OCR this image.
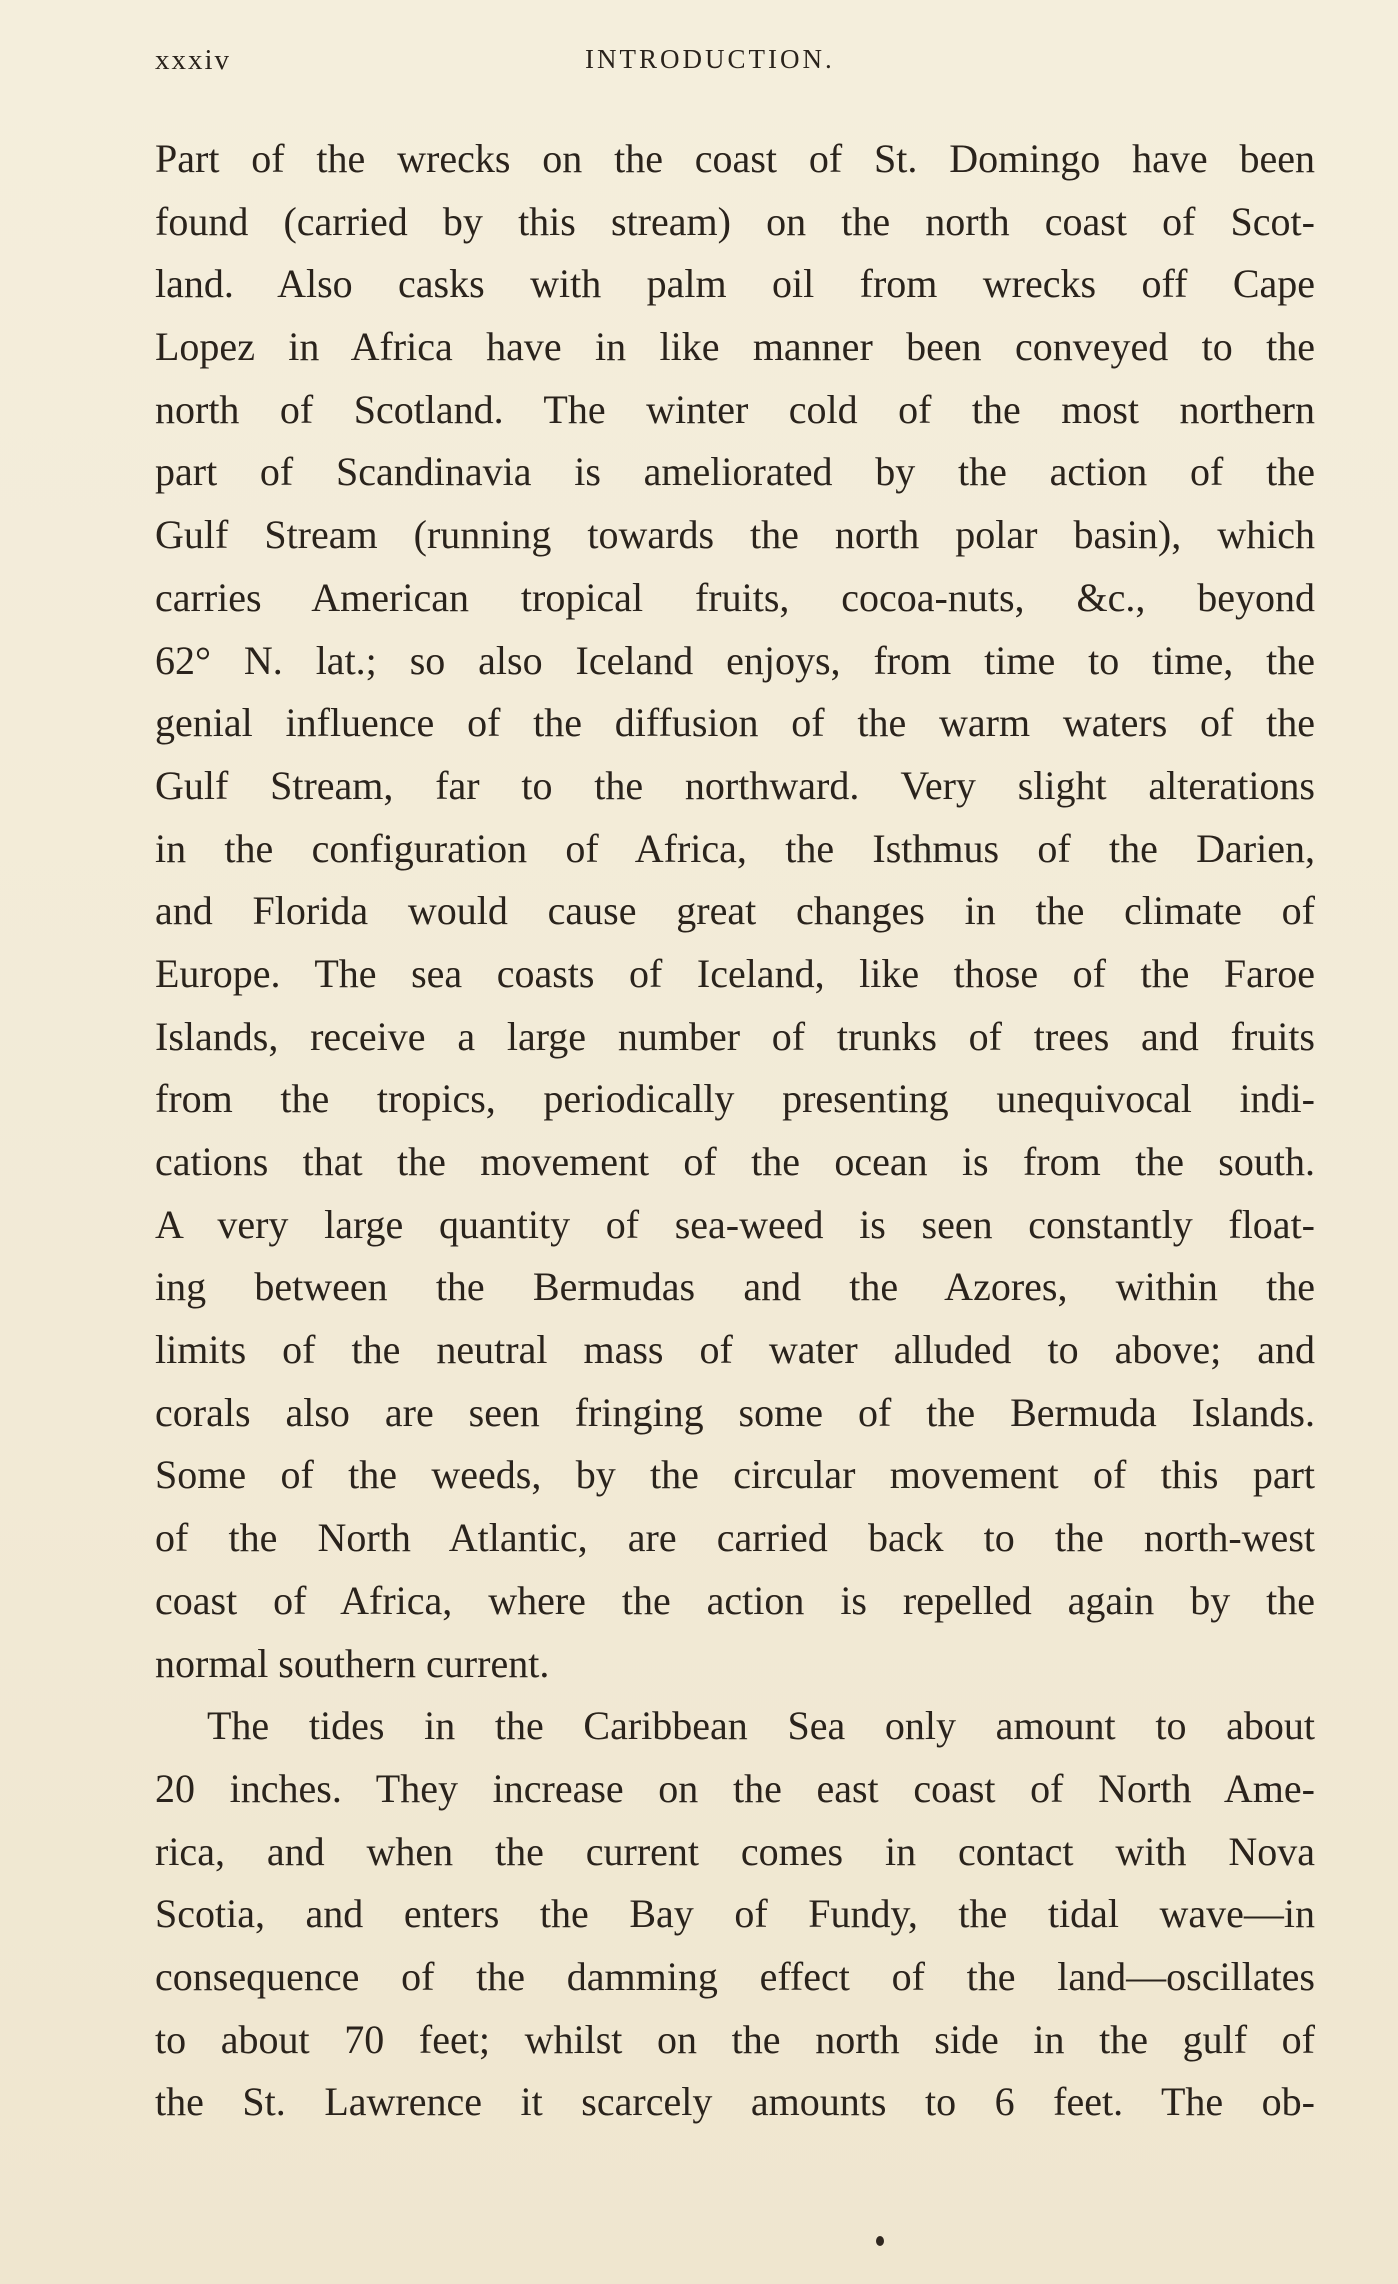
xxxiv	INTRODUCTION.
Part of the wrecks on the coast of St. Domingo have been
found (carried by this stream) on the north coast of Scot-
land. Also casks with palm oil from wrecks off Cape
Lopez in Africa have in like manner been conveyed to the
north of Scotland. The winter cold of the most northern
part of Scandinavia is ameliorated by the action of the
Gulf Stream (running towards the north polar basin), which
carries American tropical fruits, cocoa-nuts, &c., beyond
62° N. lat.; so also Iceland enjoys, from time to time, the
genial influence of the diffusion of the warm waters of the
Gulf Stream, far to the northward. Very slight alterations
in the configuration of Africa, the Isthmus of the Darien,
and Florida would cause great changes in the climate of
Europe. The sea coasts of Iceland, like those of the Faroe
Islands, receive a large number of trunks of trees and fruits
from the tropics, periodically presenting unequivocal indi-
cations that the movement of the ocean is from the south.
A very large quantity of sea-weed is seen constantly float-
ing between the Bermudas and the Azores, within the
limits of the neutral mass of water alluded to above; and
corals also are seen fringing some of the Bermuda Islands.
Some of the weeds, by the circular movement of this part
of the North Atlantic, are carried back to the north-west
coast of Africa, where the action is repelled again by the
normal southern current.
The tides in the Caribbean Sea only amount to about
20 inches. They increase on the east coast of North Ame-
rica, and when the current comes in contact with Nova
Scotia, and enters the Bay of Fundy, the tidal wave—in
consequence of the damming effect of the land—oscillates
to about 70 feet; whilst on the north side in the gulf of
the St. Lawrence it scarcely amounts to 6 feet. The ob-
